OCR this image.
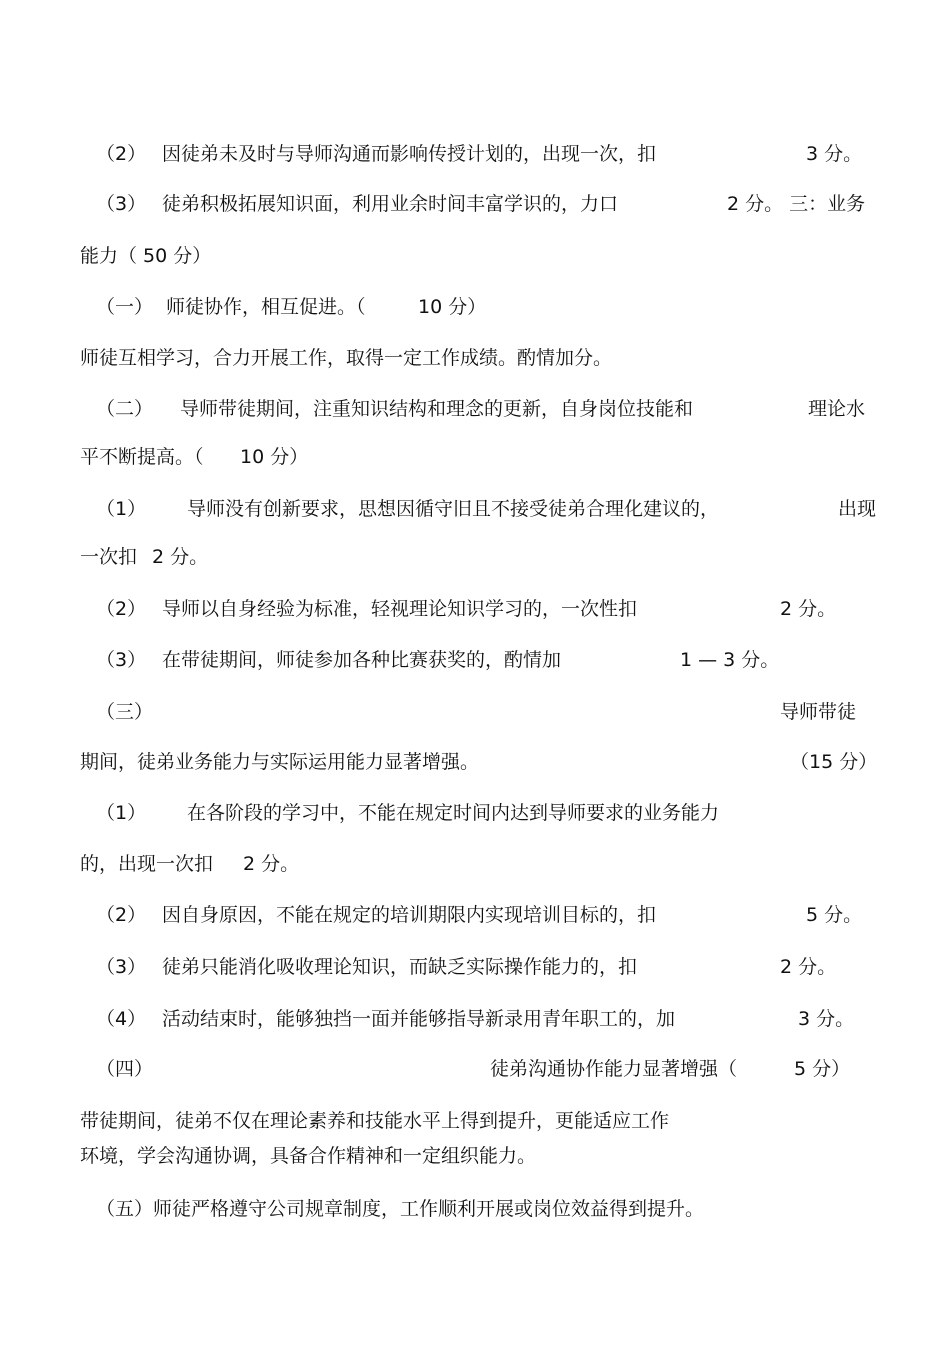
（2） 因徒弟未及时与导师沟通而影响传授计划的，出现一次，扣	3 分。
（3） 徒弟积极拓展知识面，利用业余时间丰富学识的，力口	2 分。 三：业务
能力（ 50 分）
（一） 师徒协作，相互促进。（	10 分）
师徒互相学习，合力开展工作，取得一定工作成绩。酌情加分。
（二） 导师带徒期间，注重知识结构和理念的更新，自身岗位技能和	理论水
平不断提高。（ 10 分）
（1） 导师没有创新要求，思想因循守旧且不接受徒弟合理化建议的，	出现
一次扣 2 分。
（2） 导师以自身经验为标准，轻视理论知识学习的，一次性扣	2 分。
（3） 在带徒期间，师徒参加各种比赛获奖的，酌情加	1 — 3 分。
（三）	导师带徒
期间，徒弟业务能力与实际运用能力显著增强。	（15 分）
（1） 在各阶段的学习中，不能在规定时间内达到导师要求的业务能力
的，出现一次扣 2 分。
（2） 因自身原因，不能在规定的培训期限内实现培训目标的，扣	5 分。
（3） 徒弟只能消化吸收理论知识，而缺乏实际操作能力的，扣	2 分。
（4） 活动结束时，能够独挡一面并能够指导新录用青年职工的，加	3 分。
（四）	徒弟沟通协作能力显著增强（	5 分）
带徒期间，徒弟不仅在理论素养和技能水平上得到提升，更能适应工作
环境，学会沟通协调，具备合作精神和一定组织能力。
（五）师徒严格遵守公司规章制度，工作顺利开展或岗位效益得到提升。
